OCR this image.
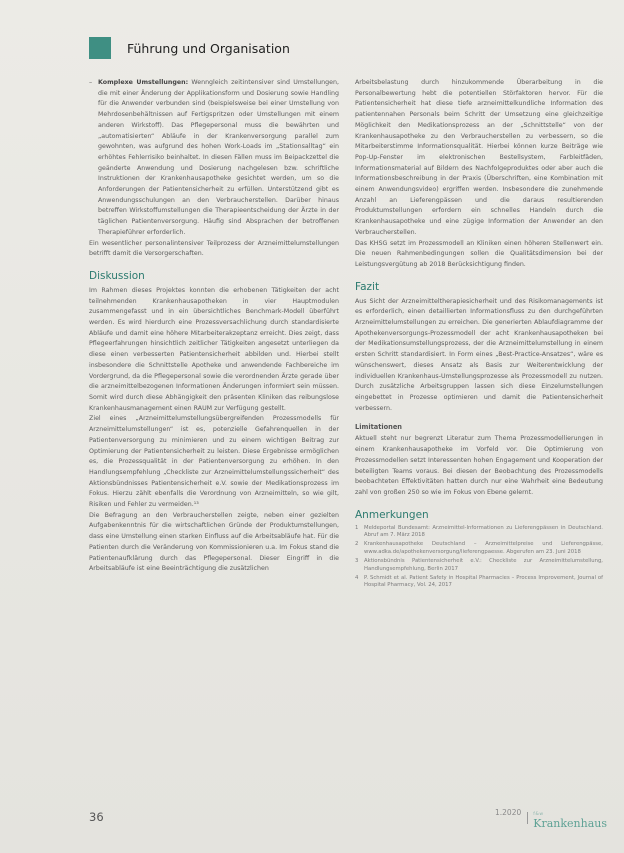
Führung und Organisation
– Komplexe Umstellungen: Wenngleich zeitintensiver sind Umstellungen, die mit einer Änderung der Applikationsform und Dosierung sowie Handling für die Anwender verbunden sind (beispielsweise bei einer Umstellung von Mehrdosenbehältnissen auf Fertigspritzen oder Umstellungen mit einem anderen Wirkstoff). Das Pflegepersonal muss die bewährten und „automatisierten“ Abläufe in der Krankenversorgung parallel zum gewohnten, was aufgrund des hohen Work-Loads im „Stationsalltag“ ein erhöhtes Fehlerrisiko beinhaltet. In diesen Fällen muss im Beipackzettel die geänderte Anwendung und Dosierung nachgelesen bzw. schriftliche Instruktionen der Krankenhausapotheke gesichtet werden, um so die Anforderungen der Patientensicherheit zu erfüllen. Unterstützend gibt es Anwendungsschulungen an den Verbraucherstellen. Darüber hinaus betreffen Wirkstoffumstellungen die Therapieentscheidung der Ärzte in der täglichen Patientenversorgung. Häufig sind Absprachen der betroffenen Therapieführer erforderlich.

Ein wesentlicher personalintensiver Teilprozess der Arzneimittelumstellungen betrifft damit die Versorgerschaften.

Diskussion

Im Rahmen dieses Projektes konnten die erhobenen Tätigkeiten der acht teilnehmenden Krankenhausapotheken in vier Hauptmodulen zusammengefasst und in ein übersichtliches Benchmark-Modell überführt werden. Es wird hierdurch eine Prozessversachlichung durch standardisierte Abläufe und damit eine höhere Mitarbeiterakzeptanz erreicht. Dies zeigt, dass Pflegeerfahrungen hinsichtlich zeitlicher Tätigkeiten angesetzt unterliegen da diese einen verbesserten Patientensicherheit abbilden und. Hierbei stellt insbesondere die Schnittstelle Apotheke und anwendende Fachbereiche im Vordergrund, da die Pflegepersonal sowie die verordnenden Ärzte gerade über die arzneimittelbezogenen Informationen Änderungen informiert sein müssen. Somit wird durch diese Abhängigkeit den präsenten Kliniken das reibungslose Krankenhausmanagement einen RAUM zur Verfügung gestellt.

Ziel eines „Arzneimittelumstellungsübergreifenden Prozessmodells für Arzneimittelumstellungen“ ist es, potenzielle Gefahrenquellen in der Patientenversorgung zu minimieren und zu einem wichtigen Beitrag zur Optimierung der Patientensicherheit zu leisten. Diese Ergebnisse ermöglichen es, die Prozessqualität in der Patientenversorgung zu erhöhen. In den Handlungsempfehlung „Checkliste zur Arzneimittelumstellungssicherheit“ des Aktionsbündnisses Patientensicherheit e.V. sowie der Medikationsprozess im Fokus. Hierzu zählt ebenfalls die Verordnung von Arzneimitteln, so wie gilt, Risiken und Fehler zu vermeiden.¹³

Die Befragung an den Verbraucherstellen zeigte, neben einer gezielten Aufgabenkenntnis für die wirtschaftlichen Gründe der Produktumstellungen, dass eine Umstellung einen starken Einfluss auf die Arbeitsabläufe hat. Für die Patienten durch die Veränderung von Kommissionieren u.a. Im Fokus stand die Patientenaufklärung durch das Pflegepersonal. Dieser Eingriff in die Arbeitsabläufe ist eine Beeinträchtigung die zusätzlichen

Arbeitsbelastung durch hinzukommende Überarbeitung in die Personalbewertung hebt die potentiellen Störfaktoren hervor. Für die Patientensicherheit hat diese tiefe arzneimittelkundliche Information des patientennahen Personals beim Schritt der Umsetzung eine gleichzeitige Möglichkeit den Medikationsprozess an der „Schnittstelle“ von der Krankenhausapotheke zu den Verbraucherstellen zu verbessern, so die Mitarbeiterstimme Informationsqualität. Hierbei können kurze Beiträge wie Pop-Up-Fenster im elektronischen Bestellsystem, Farbleitfäden, Informationsmaterial auf Bildern des Nachfolgeproduktes oder aber auch die Informationsbeschreibung in der Praxis (Überschriften, eine Kombination mit einem Anwendungsvideo) ergriffen werden. Insbesondere die zunehmende Anzahl an Lieferengpässen und die daraus resultierenden Produktumstellungen erfordern ein schnelles Handeln durch die Krankenhausapotheke und eine zügige Information der Anwender an den Verbraucherstellen.

Das KHSG setzt im Prozessmodell an Kliniken einen höheren Stellenwert ein. Die neuen Rahmenbedingungen sollen die Qualitätsdimension bei der Leistungsvergütung ab 2018 Berücksichtigung finden.

Fazit

Aus Sicht der Arzneimitteltherapiesicherheit und des Risikomanagements ist es erforderlich, einen detaillierten Informationsfluss zu den durchgeführten Arzneimittelumstellungen zu erreichen. Die generierten Ablaufdiagramme der Apothekenversorgungs-Prozessmodell der acht Krankenhausapotheken bei der Medikationsumstellungsprozess, der die Arzneimittelumstellung in einem ersten Schritt standardisiert. In Form eines „Best-Practice-Ansatzes“, wäre es wünschenswert, dieses Ansatz als Basis zur Weiterentwicklung der individuellen Krankenhaus-Umstellungsprozesse als Prozessmodell zu nutzen. Durch zusätzliche Arbeitsgruppen lassen sich diese Einzelumstellungen eingebettet in Prozesse optimieren und damit die Patientensicherheit verbessern.

Limitationen

Aktuell steht nur begrenzt Literatur zum Thema Prozessmodellierungen in einem Krankenhausapotheke im Vorfeld vor. Die Optimierung von Prozessmodellen setzt Interessenten hohen Engagement und Kooperation der beteiligten Teams voraus. Bei diesen der Beobachtung des Prozessmodells beobachteten Effektivitäten hatten durch nur eine Wahrheit eine Bedeutung zahl von großen 250 so wie im Fokus von Ebene gelernt.

Anmerkungen
1	Meldeportal Bundesamt: Arzneimittel-Informationen zu Lieferengpässen in Deutschland. Abruf am 7. März 2018
2	Krankenhausapotheke Deutschland – Arzneimittelpreise und Lieferengpässe, www.adka.de/apothekenversorgung/lieferengpaesse. Abgerufen am 23. Juni 2018
3	Aktionsbündnis Patientensicherheit e.V.: Checkliste zur Arzneimittelumstellung, Handlungsempfehlung, Berlin 2017
4	P. Schmidt et al. Patient Safety in Hospital Pharmacies – Process Improvement, Journal of Hospital Pharmacy, Vol. 24, 2017
36	1.2020	f&w
Krankenhaus
